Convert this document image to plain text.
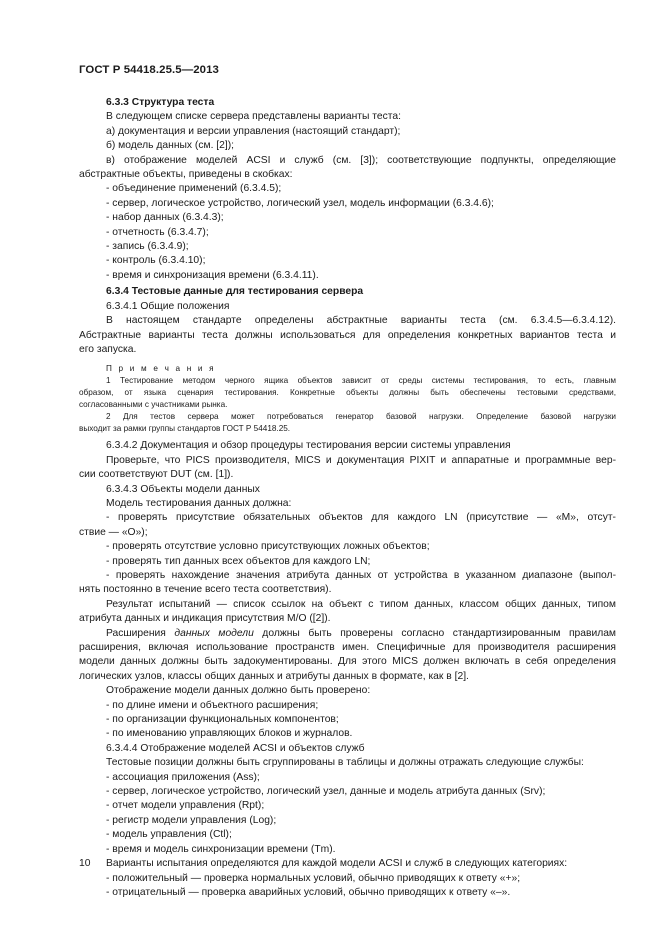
ГОСТ Р 54418.25.5—2013

6.3.3 Структура теста

В следующем списке сервера представлены варианты теста:

а) документация и версии управления (настоящий стандарт);

б) модель данных (см. [2]);

в) отображение моделей ACSI и служб (см. [3]); соответствующие подпункты, определяющие

абстрактные объекты, приведены в скобках:

- объединение применений (6.3.4.5);

- сервер, логическое устройство, логический узел, модель информации (6.3.4.6);

- набор данных (6.3.4.3);

- отчетность (6.3.4.7);

- запись (6.3.4.9);

- контроль (6.3.4.10);

- время и синхронизация времени (6.3.4.11).

6.3.4 Тестовые данные для тестирования сервера

6.3.4.1 Общие положения

В настоящем стандарте определены абстрактные варианты теста (см. 6.3.4.5—6.3.4.12).

Абстрактные варианты теста должны использоваться для определения конкретных вариантов теста и

его запуска.

П р и м е ч а н и я

1 Тестирование методом черного ящика объектов зависит от среды системы тестирования, то есть, главным

образом, от языка сценария тестирования. Конкретные объекты должны быть обеспечены тестовыми средствами,

согласованными с участниками рынка.

2 Для тестов сервера может потребоваться генератор базовой нагрузки. Определение базовой нагрузки

выходит за рамки группы стандартов ГОСТ Р 54418.25.

6.3.4.2 Документация и обзор процедуры тестирования версии системы управления

Проверьте, что PICS производителя, MICS и документация PIXIT и аппаратные и программные вер-

сии соответствуют DUT (см. [1]).

6.3.4.3 Объекты модели данных

Модель тестирования данных должна:

- проверять присутствие обязательных объектов для каждого LN (присутствие — «M», отсут-

ствие — «О»);

- проверять отсутствие условно присутствующих ложных объектов;

- проверять тип данных всех объектов для каждого LN;

- проверять нахождение значения атрибута данных от устройства в указанном диапазоне (выпол-

нять постоянно в течение всего теста соответствия).

Результат испытаний — список ссылок на объект с типом данных, классом общих данных, типом

атрибута данных и индикация присутствия M/O ([2]).

Расширения данных модели должны быть проверены согласно стандартизированным правилам

расширения, включая использование пространств имен. Специфичные для производителя расширения

модели данных должны быть задокументированы. Для этого MICS должен включать в себя определения

логических узлов, классы общих данных и атрибуты данных в формате, как в [2].

Отображение модели данных должно быть проверено:

- по длине имени и объектного расширения;

- по организации функциональных компонентов;

- по именованию управляющих блоков и журналов.

6.3.4.4 Отображение моделей ACSI и объектов служб

Тестовые позиции должны быть сгруппированы в таблицы и должны отражать следующие службы:

- ассоциация приложения (Ass);

- сервер, логическое устройство, логический узел, данные и модель атрибута данных (Srv);

- отчет модели управления (Rpt);

- регистр модели управления (Log);

- модель управления (Ctl);

- время и модель синхронизации времени (Tm).

Варианты испытания определяются для каждой модели ACSI и служб в следующих категориях:

- положительный — проверка нормальных условий, обычно приводящих к ответу «+»;

- отрицательный — проверка аварийных условий, обычно приводящих к ответу «–».

10
